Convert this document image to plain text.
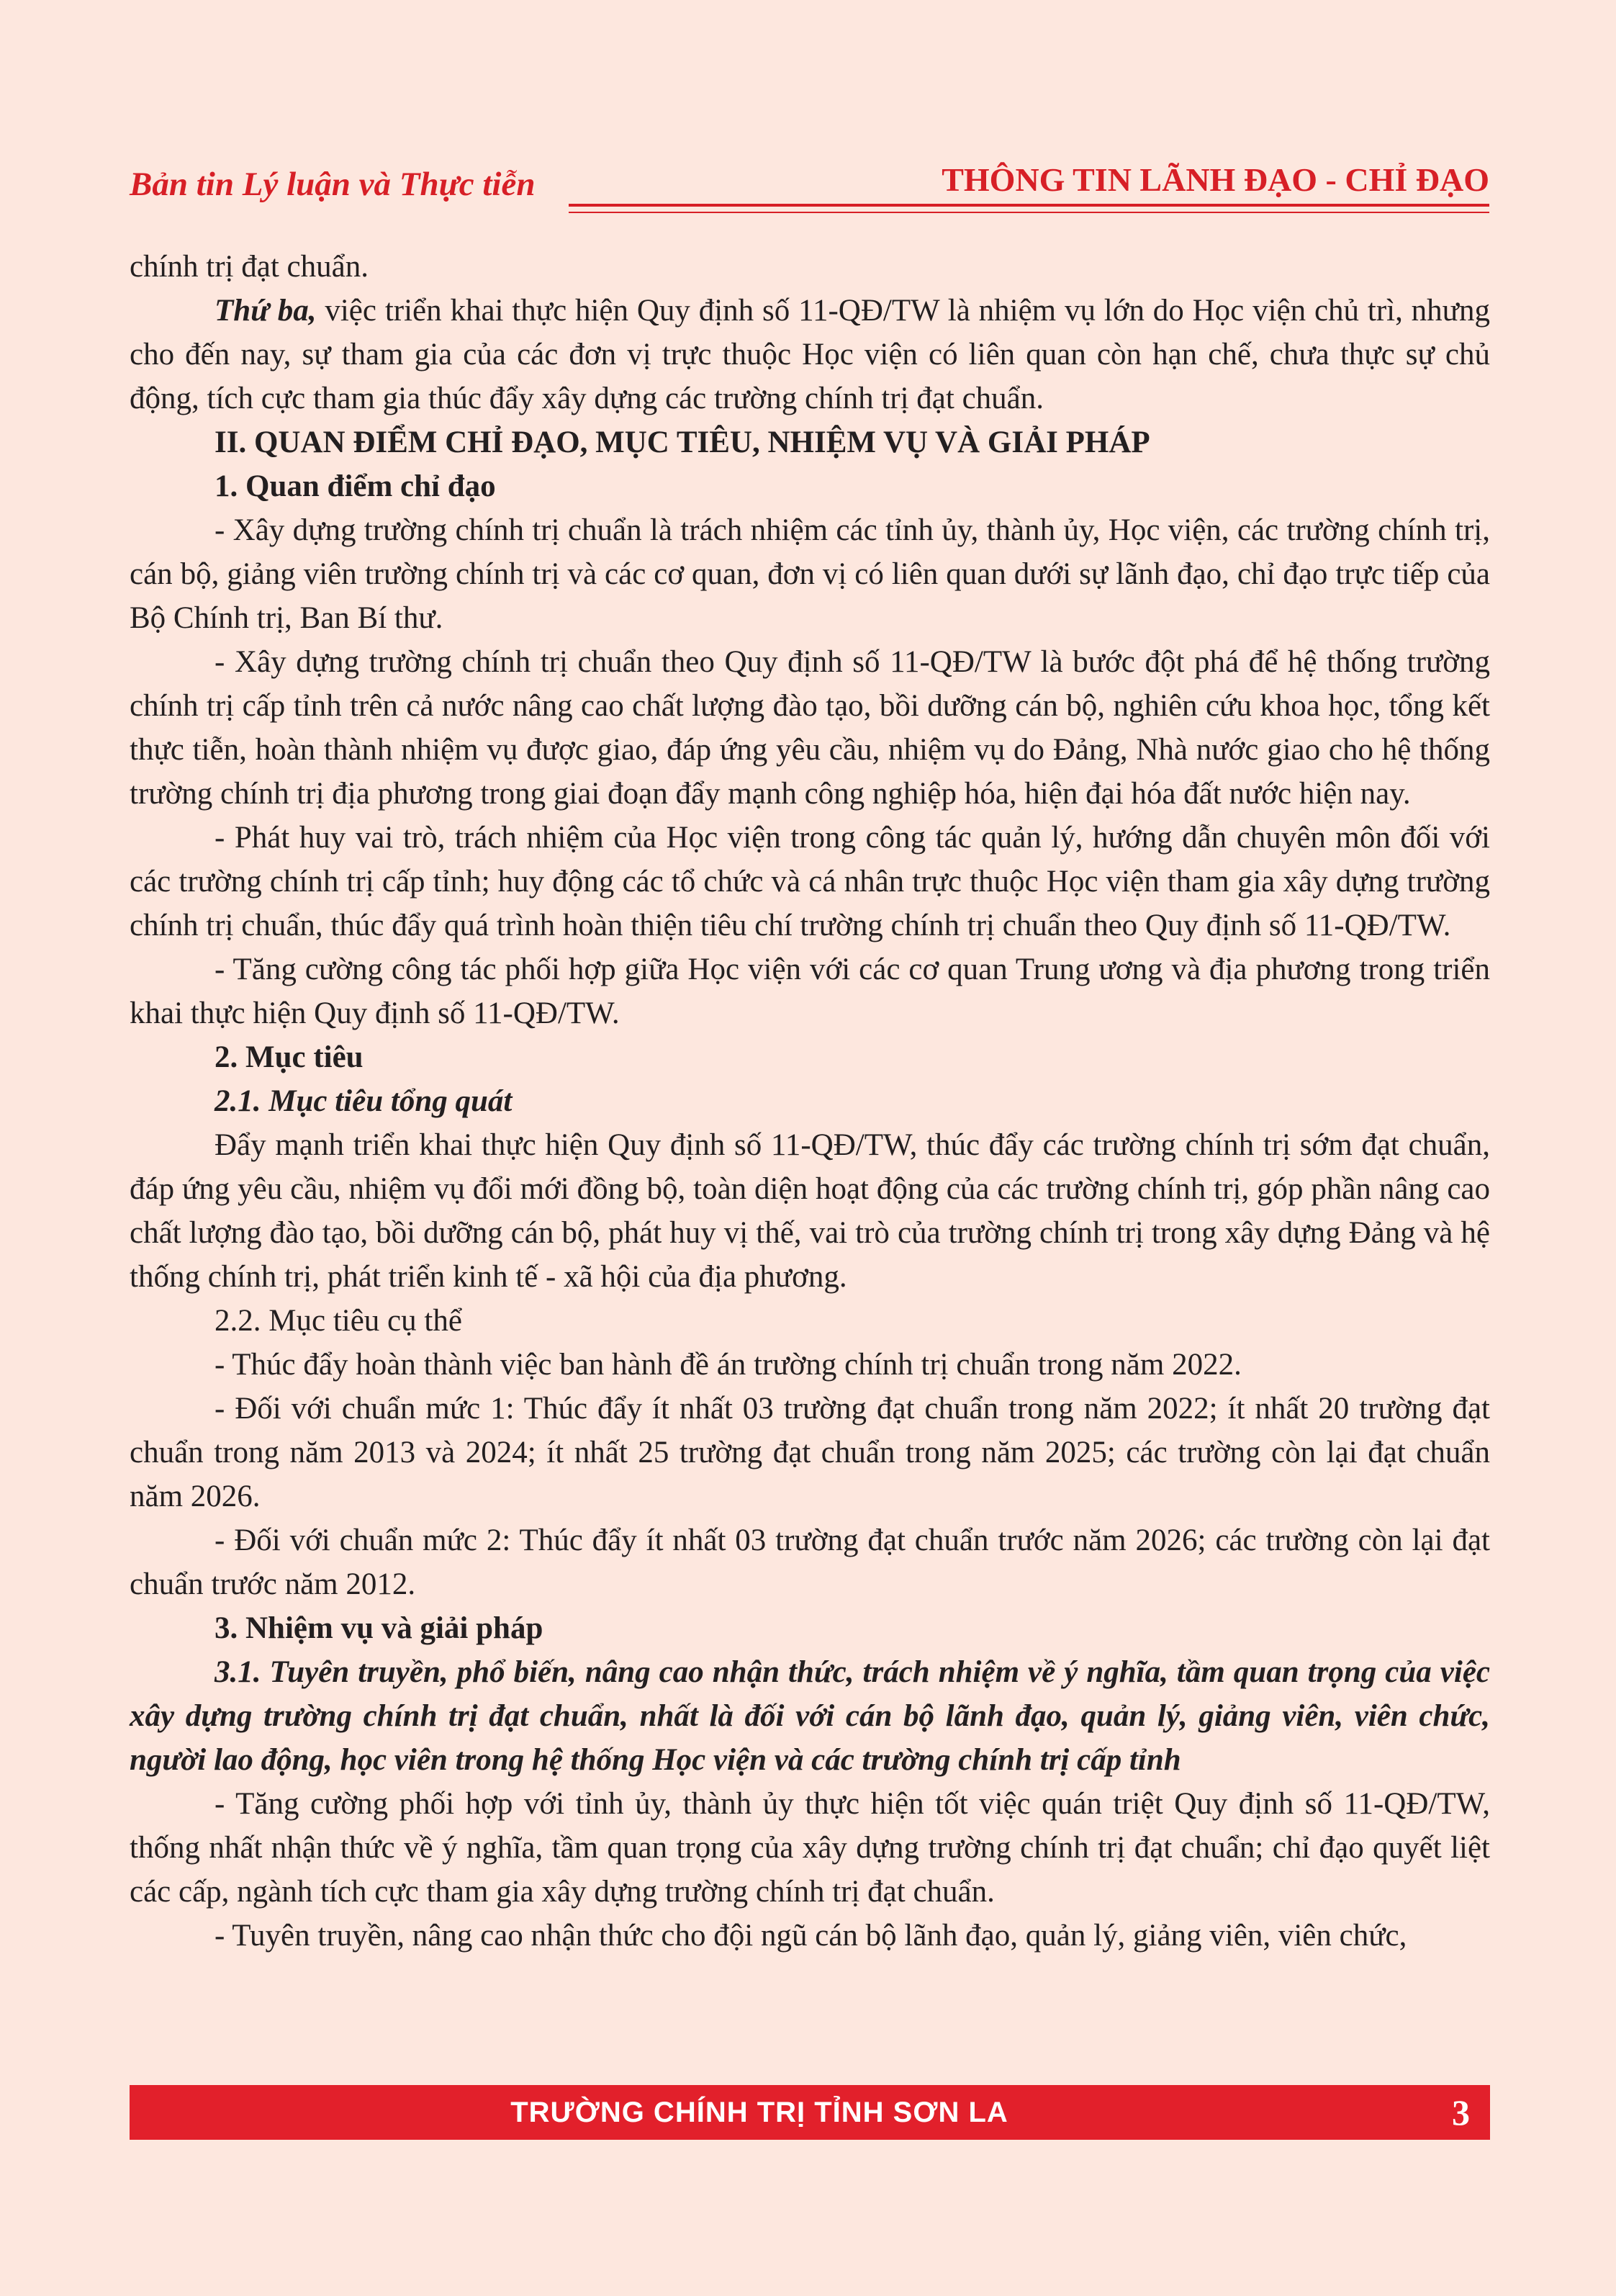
Bản tin Lý luận và Thực tiễn	THÔNG TIN LÃNH ĐẠO - CHỈ ĐẠO

chính trị đạt chuẩn.

Thứ ba, việc triển khai thực hiện Quy định số 11-QĐ/TW là nhiệm vụ lớn do Học viện chủ trì, nhưng cho đến nay, sự tham gia của các đơn vị trực thuộc Học viện có liên quan còn hạn chế, chưa thực sự chủ động, tích cực tham gia thúc đẩy xây dựng các trường chính trị đạt chuẩn.

II. QUAN ĐIỂM CHỈ ĐẠO, MỤC TIÊU, NHIỆM VỤ VÀ GIẢI PHÁP

1. Quan điểm chỉ đạo

- Xây dựng trường chính trị chuẩn là trách nhiệm các tỉnh ủy, thành ủy, Học viện, các trường chính trị, cán bộ, giảng viên trường chính trị và các cơ quan, đơn vị có liên quan dưới sự lãnh đạo, chỉ đạo trực tiếp của Bộ Chính trị, Ban Bí thư.

- Xây dựng trường chính trị chuẩn theo Quy định số 11-QĐ/TW là bước đột phá để hệ thống trường chính trị cấp tỉnh trên cả nước nâng cao chất lượng đào tạo, bồi dưỡng cán bộ, nghiên cứu khoa học, tổng kết thực tiễn, hoàn thành nhiệm vụ được giao, đáp ứng yêu cầu, nhiệm vụ do Đảng, Nhà nước giao cho hệ thống trường chính trị địa phương trong giai đoạn đẩy mạnh công nghiệp hóa, hiện đại hóa đất nước hiện nay.

- Phát huy vai trò, trách nhiệm của Học viện trong công tác quản lý, hướng dẫn chuyên môn đối với các trường chính trị cấp tỉnh; huy động các tổ chức và cá nhân trực thuộc Học viện tham gia xây dựng trường chính trị chuẩn, thúc đẩy quá trình hoàn thiện tiêu chí trường chính trị chuẩn theo Quy định số 11-QĐ/TW.

- Tăng cường công tác phối hợp giữa Học viện với các cơ quan Trung ương và địa phương trong triển khai thực hiện Quy định số 11-QĐ/TW.

2. Mục tiêu

2.1. Mục tiêu tổng quát

Đẩy mạnh triển khai thực hiện Quy định số 11-QĐ/TW, thúc đẩy các trường chính trị sớm đạt chuẩn, đáp ứng yêu cầu, nhiệm vụ đổi mới đồng bộ, toàn diện hoạt động của các trường chính trị, góp phần nâng cao chất lượng đào tạo, bồi dưỡng cán bộ, phát huy vị thế, vai trò của trường chính trị trong xây dựng Đảng và hệ thống chính trị, phát triển kinh tế - xã hội của địa phương.

2.2. Mục tiêu cụ thể

- Thúc đẩy hoàn thành việc ban hành đề án trường chính trị chuẩn trong năm 2022.

- Đối với chuẩn mức 1: Thúc đẩy ít nhất 03 trường đạt chuẩn trong năm 2022; ít nhất 20 trường đạt chuẩn trong năm 2013 và 2024; ít nhất 25 trường đạt chuẩn trong năm 2025; các trường còn lại đạt chuẩn năm 2026.

- Đối với chuẩn mức 2: Thúc đẩy ít nhất 03 trường đạt chuẩn trước năm 2026; các trường còn lại đạt chuẩn trước năm 2012.

3. Nhiệm vụ và giải pháp

3.1. Tuyên truyền, phổ biến, nâng cao nhận thức, trách nhiệm về ý nghĩa, tầm quan trọng của việc xây dựng trường chính trị đạt chuẩn, nhất là đối với cán bộ lãnh đạo, quản lý, giảng viên, viên chức, người lao động, học viên trong hệ thống Học viện và các trường chính trị cấp tỉnh

- Tăng cường phối hợp với tỉnh ủy, thành ủy thực hiện tốt việc quán triệt Quy định số 11-QĐ/TW, thống nhất nhận thức về ý nghĩa, tầm quan trọng của xây dựng trường chính trị đạt chuẩn; chỉ đạo quyết liệt các cấp, ngành tích cực tham gia xây dựng trường chính trị đạt chuẩn.

- Tuyên truyền, nâng cao nhận thức cho đội ngũ cán bộ lãnh đạo, quản lý, giảng viên, viên chức,

TRƯỜNG CHÍNH TRỊ TỈNH SƠN LA	3
